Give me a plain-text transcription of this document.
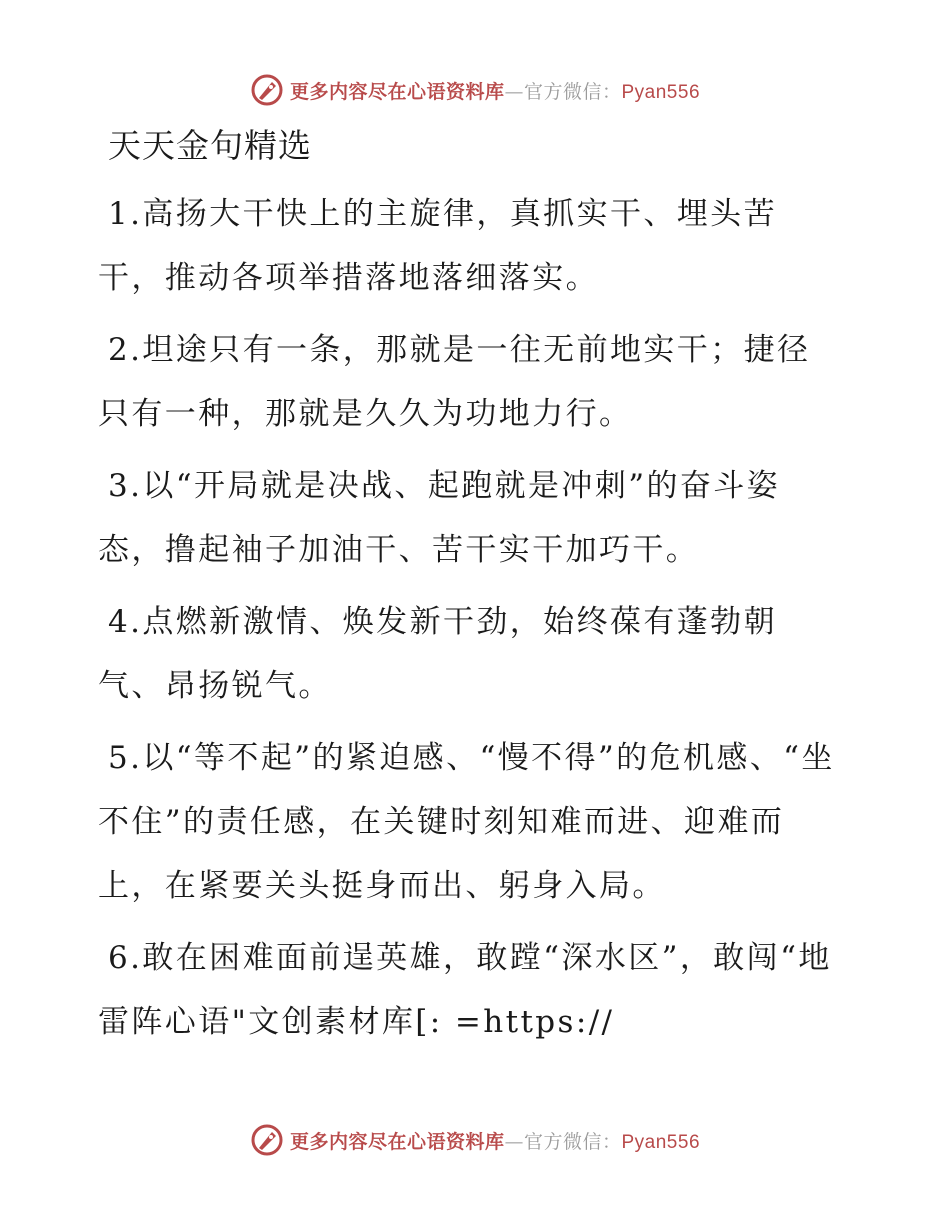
更多内容尽在心语资料库—官方微信：Pyan556
天天金句精选

1.高扬大干快上的主旋律，真抓实干、埋头苦干，推动各项举措落地落细落实。

2.坦途只有一条，那就是一往无前地实干；捷径只有一种，那就是久久为功地力行。

3.以“开局就是决战、起跑就是冲刺”的奋斗姿态，撸起袖子加油干、苦干实干加巧干。

4.点燃新激情、焕发新干劲，始终葆有蓬勃朝气、昂扬锐气。

5.以“等不起”的紧迫感、“慢不得”的危机感、“坐不住”的责任感，在关键时刻知难而进、迎难而上，在紧要关头挺身而出、躬身入局。

6.敢在困难面前逞英雄，敢蹚“深水区”，敢闯“地雷阵心语"文创素材库[: =https://

更多内容尽在心语资料库—官方微信：Pyan556
